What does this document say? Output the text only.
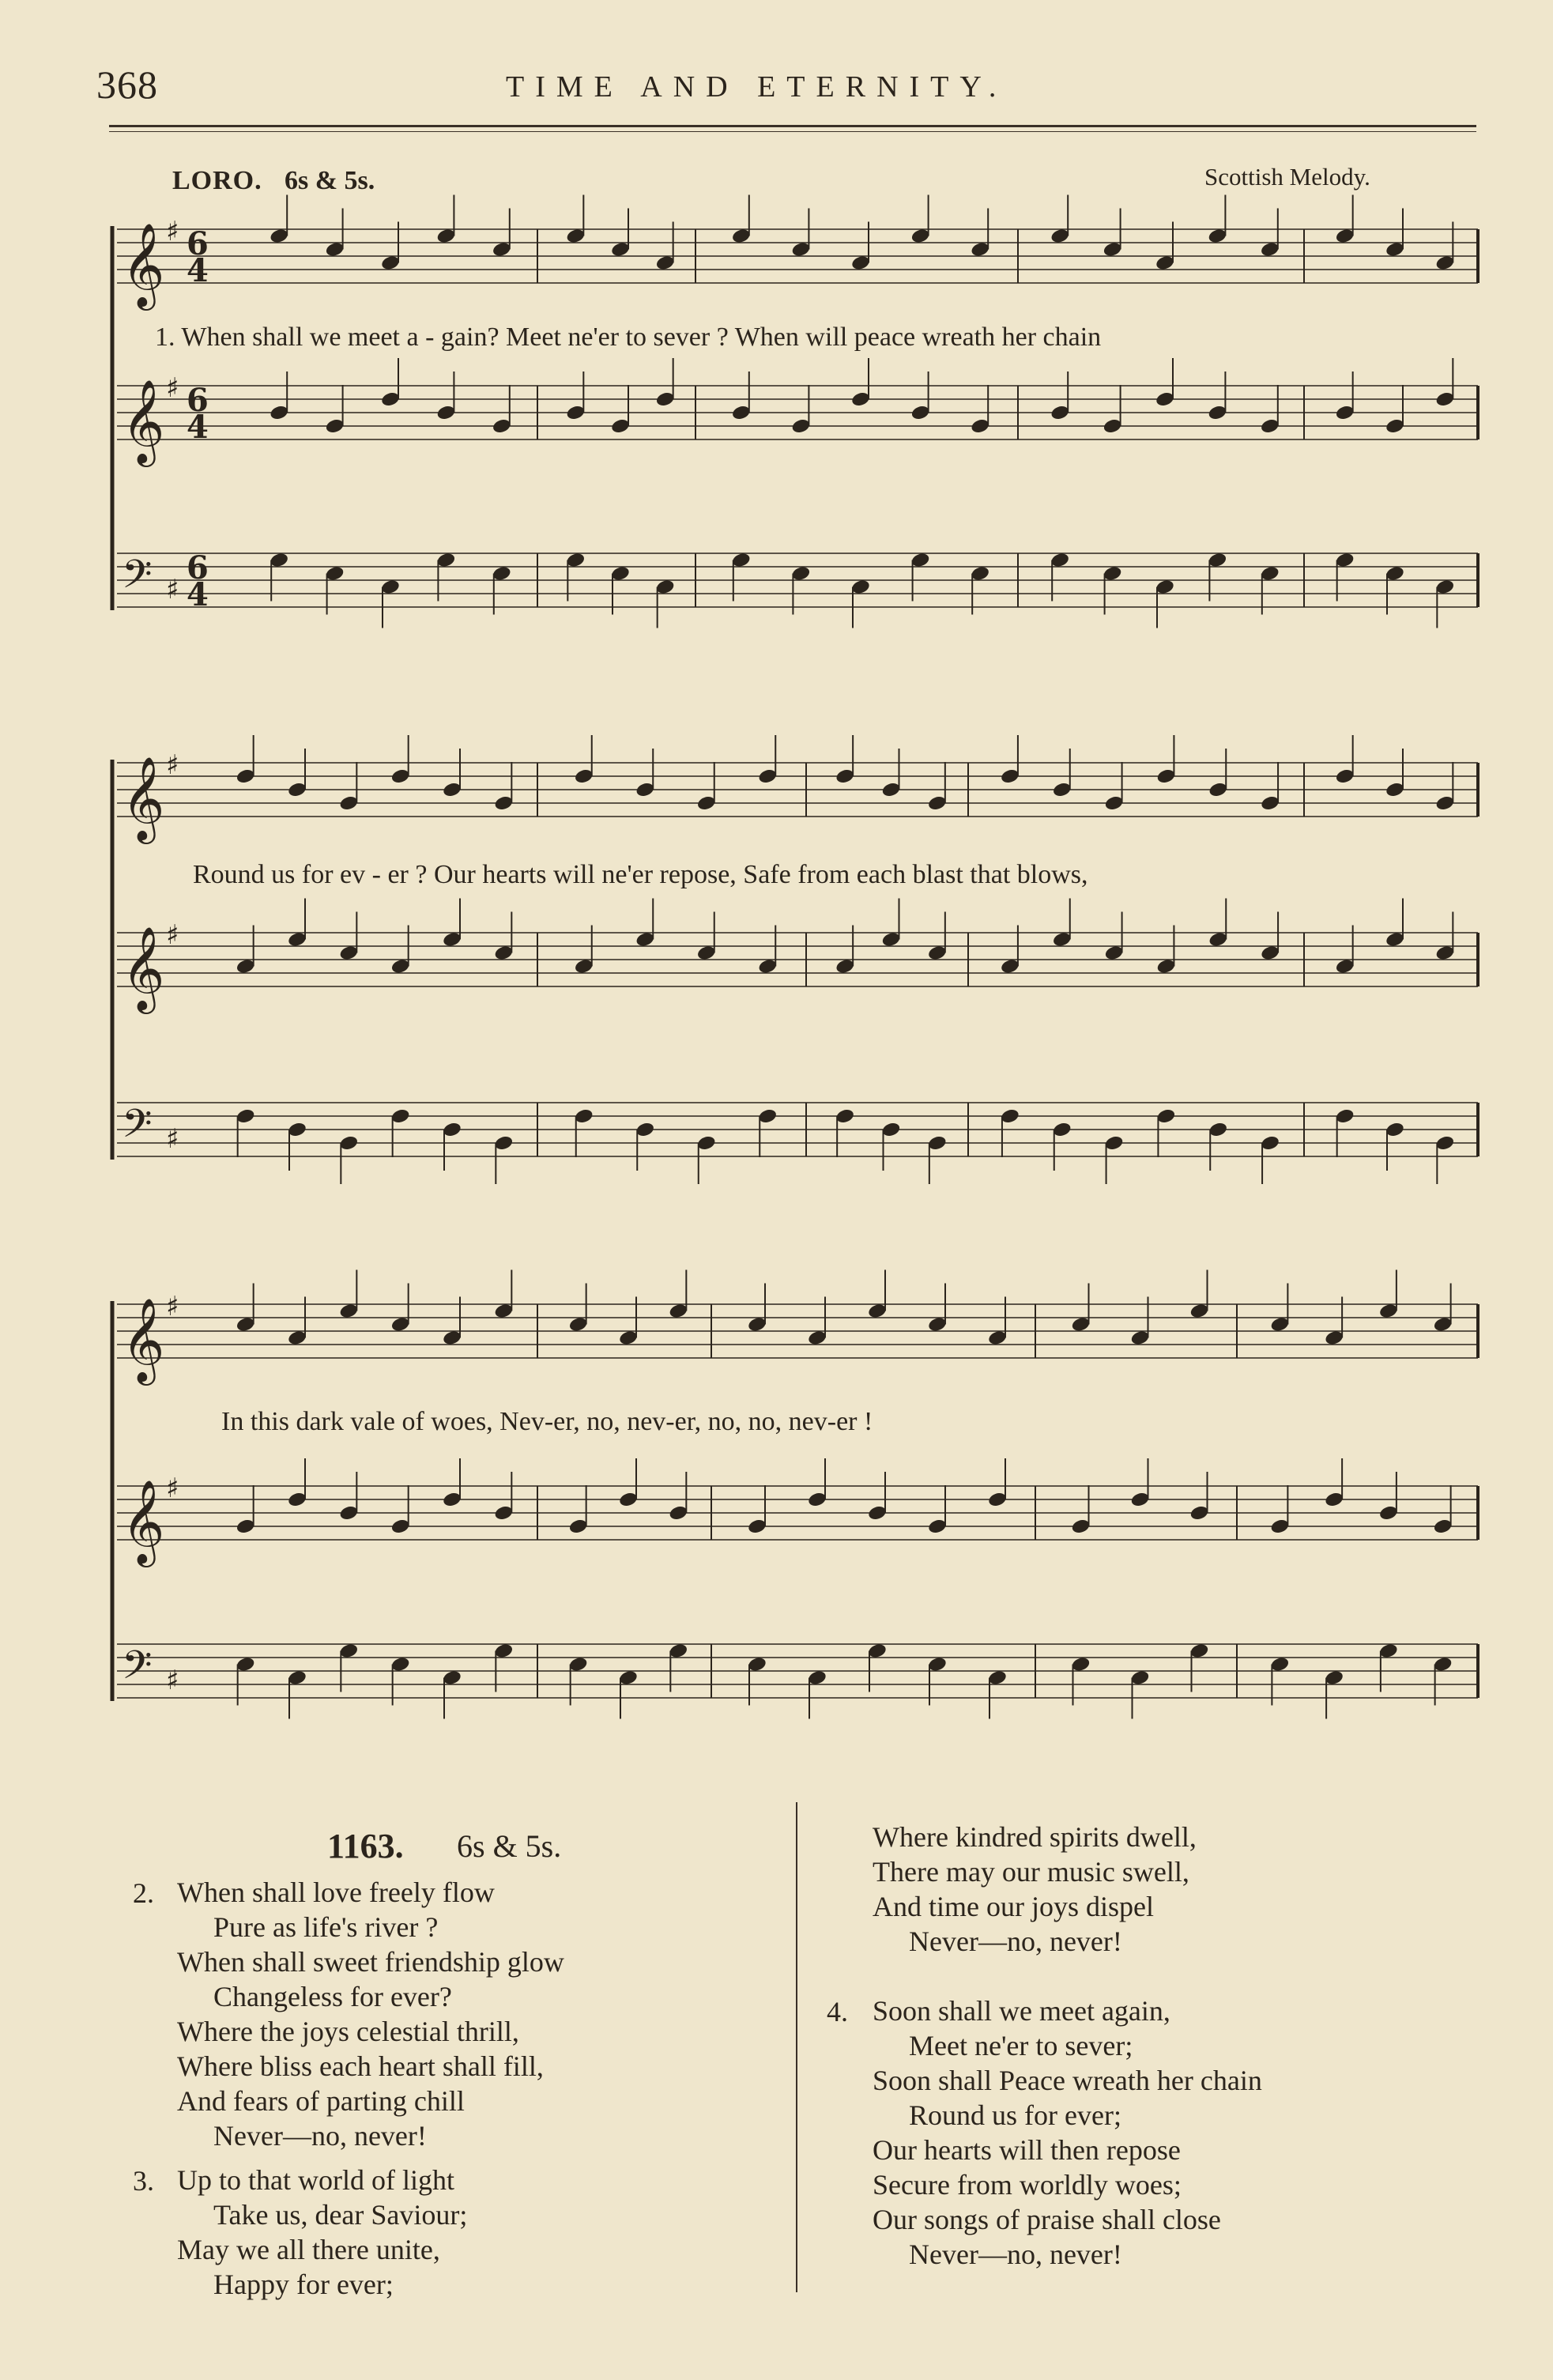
368	TIME AND ETERNITY.
LORO. 6s & 5s.	Scottish Melody.
𝄞 ♯ 6
4
𝄞 ♯ 6
4
𝄢 ♯
6
4
𝄞 ♯
𝄞 ♯
𝄢 ♯
𝄞 ♯
𝄞 ♯
𝄢 ♯
1. When shall we meet a - gain? Meet ne'er to sever ? When will peace wreath her chain
Round us for ev - er ? Our hearts will ne'er repose, Safe from each blast that blows,
In this dark vale of woes, Nev-er, no, nev-er, no, no, nev-er !
1163. 6s & 5s.
2. When shall love freely flow
Pure as life's river ?
When shall sweet friendship glow
Changeless for ever?
Where the joys celestial thrill,
Where bliss each heart shall fill,
And fears of parting chill
Never—no, never!
3. Up to that world of light
Take us, dear Saviour;
May we all there unite,
Happy for ever;
Where kindred spirits dwell,
There may our music swell,
And time our joys dispel
Never—no, never!
4. Soon shall we meet again,
Meet ne'er to sever;
Soon shall Peace wreath her chain
Round us for ever;
Our hearts will then repose
Secure from worldly woes;
Our songs of praise shall close
Never—no, never!
